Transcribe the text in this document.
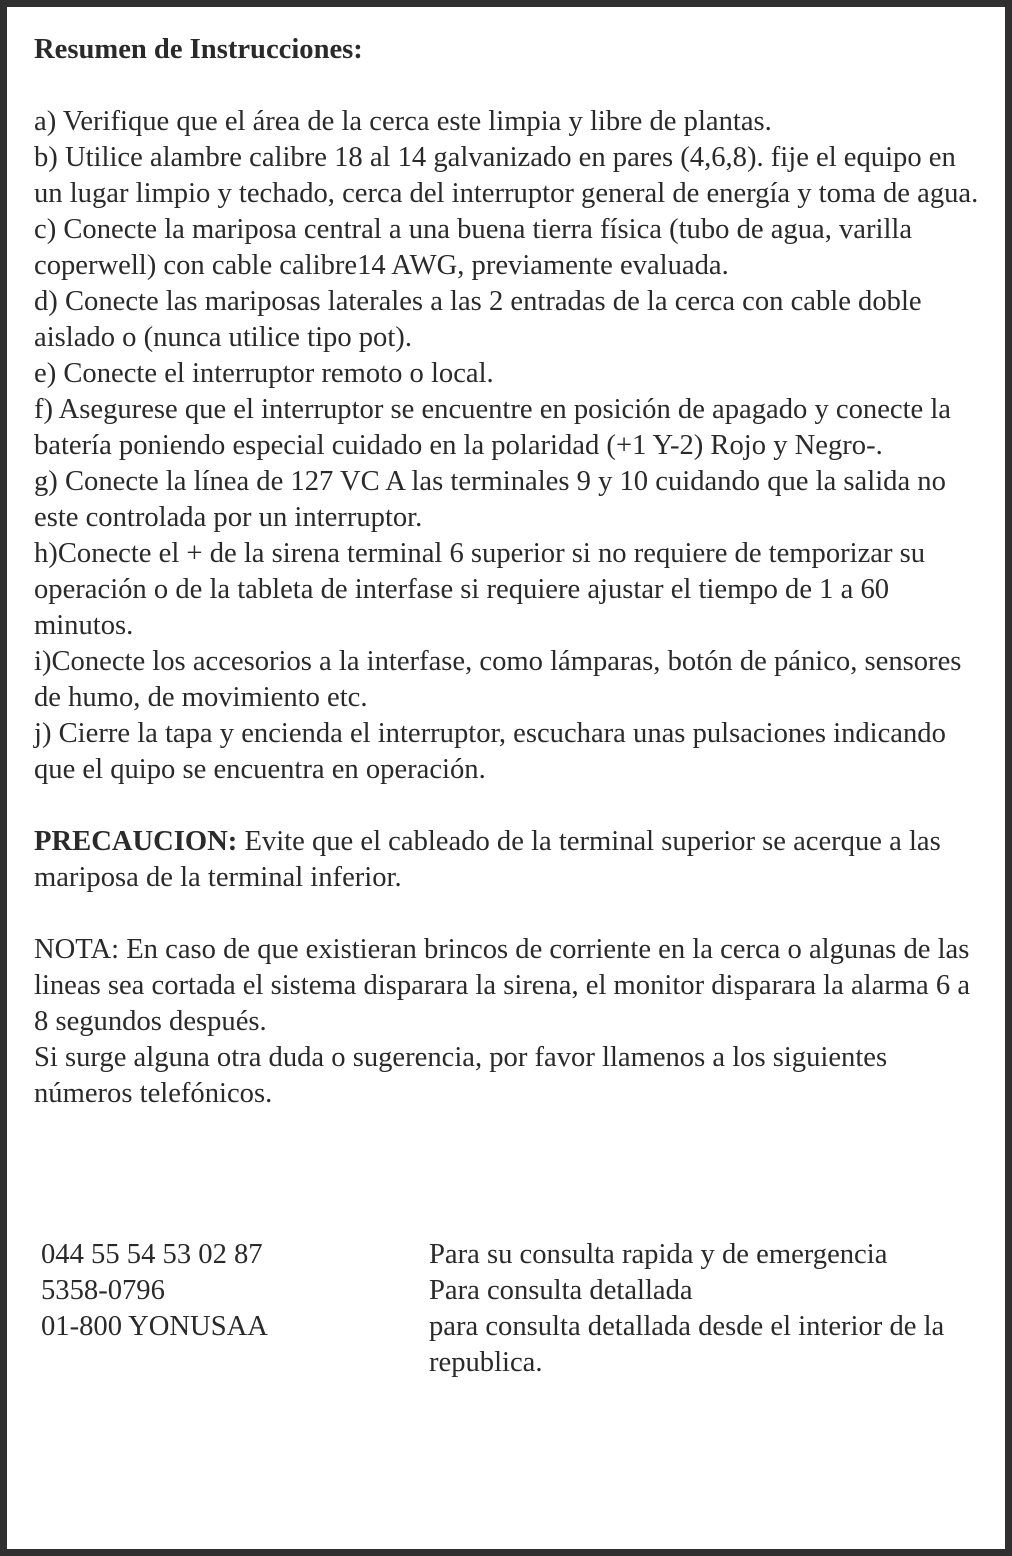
Resumen de Instrucciones:
a) Verifique que el área de la cerca este limpia y libre de plantas.
b) Utilice alambre calibre 18 al 14 galvanizado en pares (4,6,8). fije el equipo en un lugar limpio y techado, cerca del interruptor general de energía y toma de agua.
c) Conecte la mariposa central a una buena tierra física (tubo de agua, varilla coperwell) con cable calibre14 AWG, previamente evaluada.
d) Conecte las mariposas laterales a las 2 entradas de la cerca con cable doble aislado o (nunca utilice tipo pot).
e) Conecte el interruptor remoto o local.
f) Asegurese que el interruptor se encuentre en posición de apagado y conecte la batería poniendo especial cuidado en la polaridad (+1 Y-2) Rojo y Negro-.
g) Conecte la línea de 127 VC A las terminales 9 y 10 cuidando que la salida no este controlada por un interruptor.
h)Conecte el + de la sirena terminal 6 superior si no requiere de temporizar su operación o de la tableta de interfase si requiere ajustar el tiempo de 1 a 60 minutos.
i)Conecte los accesorios a la interfase, como lámparas, botón de pánico, sensores de humo, de movimiento etc.
j) Cierre la tapa y encienda el interruptor, escuchara unas pulsaciones indicando que el quipo se encuentra en operación.
PRECAUCION: Evite que el cableado de la terminal superior se acerque a las mariposa de la terminal inferior.
NOTA: En caso de que existieran brincos de corriente en la cerca o algunas de las lineas sea cortada el sistema disparara la sirena, el monitor disparara la alarma 6 a 8 segundos después.
Si surge alguna otra duda o sugerencia, por favor llamenos a los siguientes números telefónicos.
044 55 54 53 02 87
5358-0796
01-800 YONUSAA
Para su consulta rapida y de emergencia
Para consulta detallada
para consulta detallada desde el interior de la republica.
